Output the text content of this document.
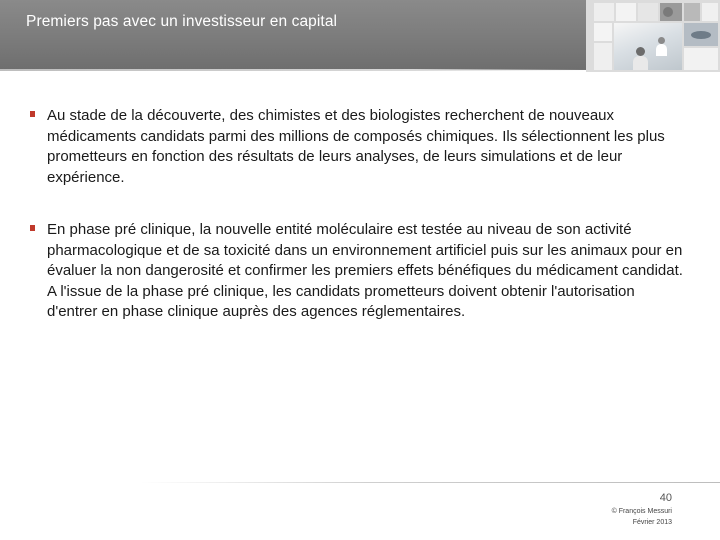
Premiers pas avec un investisseur en capital
Au stade de la découverte, des chimistes et des biologistes recherchent de nouveaux médicaments candidats parmi des millions de composés chimiques. Ils sélectionnent les plus prometteurs en fonction des résultats de leurs analyses, de leurs simulations et de leur expérience.
En phase pré clinique, la nouvelle entité moléculaire est testée au niveau de son activité pharmacologique et de sa toxicité dans un environnement artificiel puis sur les animaux pour en évaluer la non dangerosité et confirmer les premiers effets bénéfiques du médicament candidat. A l'issue de la phase pré clinique, les candidats prometteurs doivent obtenir l'autorisation d'entrer en phase clinique auprès des agences réglementaires.
40
© François Messuri
Février 2013
